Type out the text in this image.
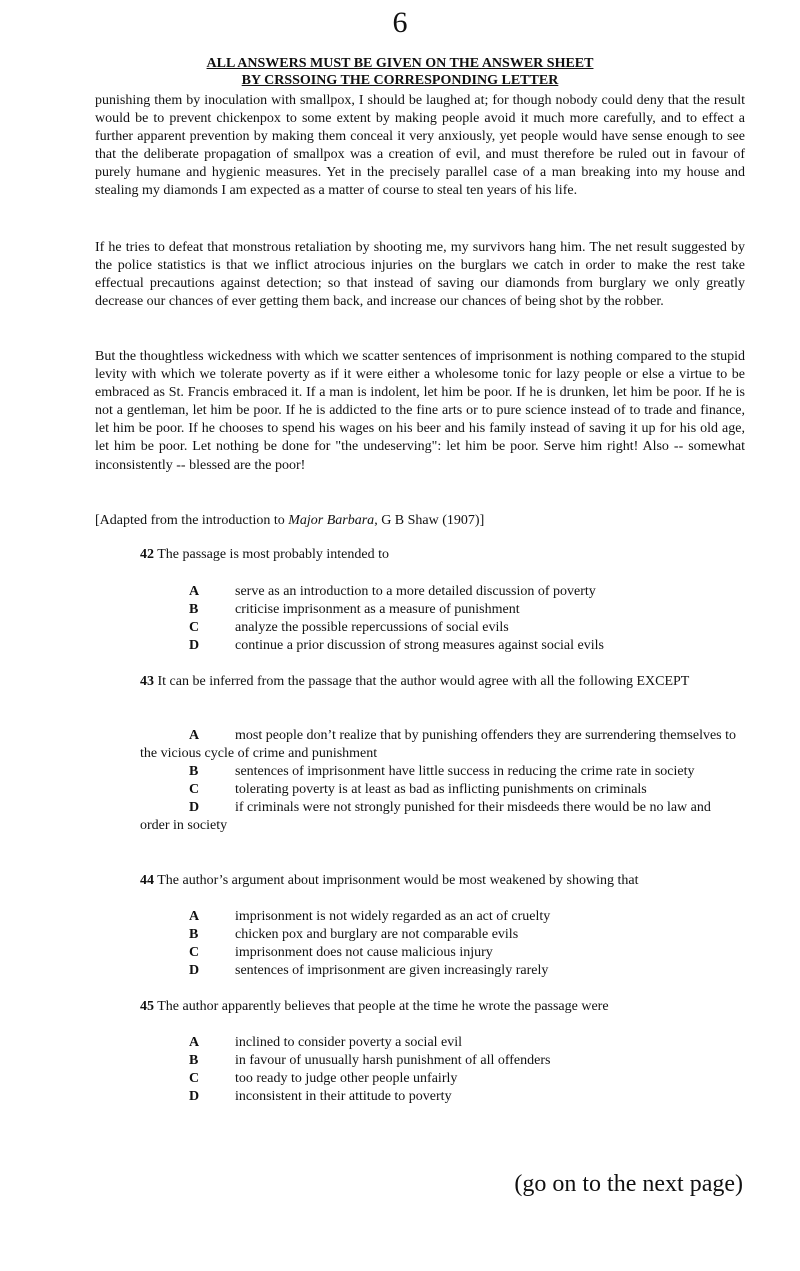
6
ALL ANSWERS MUST BE GIVEN ON THE ANSWER SHEET
BY CRSSOING THE CORRESPONDING LETTER
punishing them by inoculation with smallpox, I should be laughed at; for though nobody could deny that the result would be to prevent chickenpox to some extent by making people avoid it much more carefully, and to effect a further apparent prevention by making them conceal it very anxiously, yet people would have sense enough to see that the deliberate propagation of smallpox was a creation of evil, and must therefore be ruled out in favour of purely humane and hygienic measures. Yet in the precisely parallel case of a man breaking into my house and stealing my diamonds I am expected as a matter of course to steal ten years of his life.
If he tries to defeat that monstrous retaliation by shooting me, my survivors hang him. The net result suggested by the police statistics is that we inflict atrocious injuries on the burglars we catch in order to make the rest take effectual precautions against detection; so that instead of saving our diamonds from burglary we only greatly decrease our chances of ever getting them back, and increase our chances of being shot by the robber.
But the thoughtless wickedness with which we scatter sentences of imprisonment is nothing compared to the stupid levity with which we tolerate poverty as if it were either a wholesome tonic for lazy people or else a virtue to be embraced as St. Francis embraced it. If a man is indolent, let him be poor. If he is drunken, let him be poor. If he is not a gentleman, let him be poor. If he is addicted to the fine arts or to pure science instead of to trade and finance, let him be poor. If he chooses to spend his wages on his beer and his family instead of saving it up for his old age, let him be poor. Let nothing be done for "the undeserving": let him be poor. Serve him right! Also -- somewhat inconsistently -- blessed are the poor!
[Adapted from the introduction to Major Barbara, G B Shaw (1907)]
42 The passage is most probably intended to
A	serve as an introduction to a more detailed discussion of poverty
B	criticise imprisonment as a measure of punishment
C	analyze the possible repercussions of social evils
D	continue a prior discussion of strong measures against social evils
43 It can be inferred from the passage that the author would agree with all the following EXCEPT
A	most people don’t realize that by punishing offenders they are surrendering themselves to the vicious cycle of crime and punishment
B	sentences of imprisonment have little success in reducing the crime rate in society
C	tolerating poverty is at least as bad as inflicting punishments on criminals
D	if criminals were not strongly punished for their misdeeds there would be no law and order in society
44 The author’s argument about imprisonment would be most weakened by showing that
A	imprisonment is not widely regarded as an act of cruelty
B	chicken pox and burglary are not comparable evils
C	imprisonment does not cause malicious injury
D	sentences of imprisonment are given increasingly rarely
45 The author apparently believes that people at the time he wrote the passage were
A	inclined to consider poverty a social evil
B	in favour of unusually harsh punishment of all offenders
C	too ready to judge other people unfairly
D	inconsistent in their attitude to poverty
(go on to the next page)
